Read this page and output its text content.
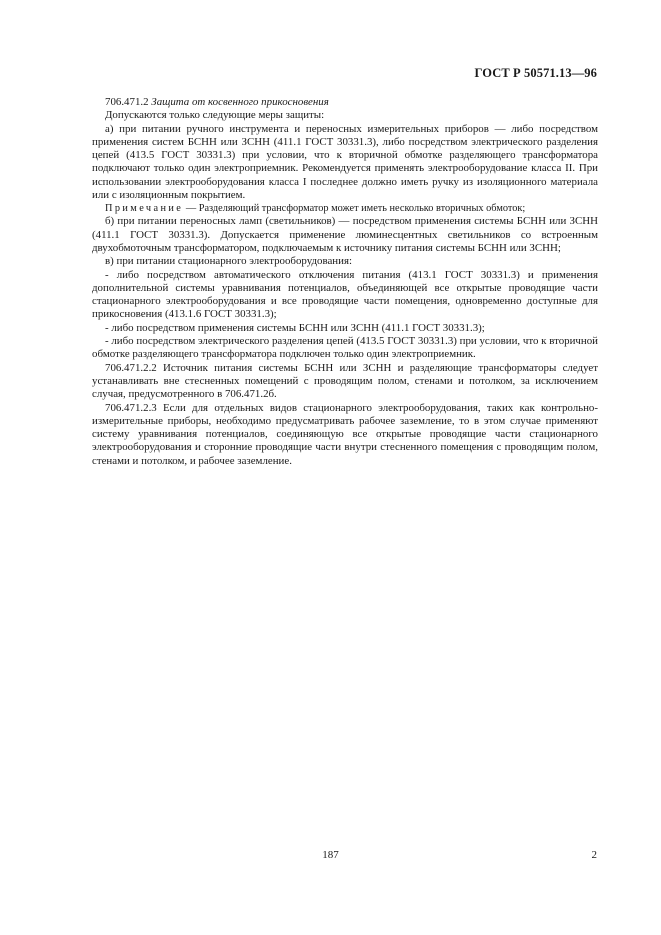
ГОСТ Р 50571.13—96

706.471.2 Защита от косвенного прикосновения

Допускаются только следующие меры защиты:

а) при питании ручного инструмента и переносных измерительных приборов — либо посредством применения систем БСНН или ЗСНН (411.1 ГОСТ 30331.3), либо посредством электрического разделения цепей (413.5 ГОСТ 30331.3) при условии, что к вторичной обмотке разделяющего трансформатора подключают только один электроприемник. Рекомендуется применять электрооборудование класса II. При использовании электрооборудования класса I последнее должно иметь ручку из изоляционного материала или с изоляционным покрытием.

Примечание — Разделяющий трансформатор может иметь несколько вторичных обмоток;

б) при питании переносных ламп (светильников) — посредством применения системы БСНН или ЗСНН (411.1 ГОСТ 30331.3). Допускается применение люминесцентных светильников со встроенным двухобмоточным трансформатором, подключаемым к источнику питания системы БСНН или ЗСНН;

в) при питании стационарного электрооборудования:

- либо посредством автоматического отключения питания (413.1 ГОСТ 30331.3) и применения дополнительной системы уравнивания потенциалов, объединяющей все открытые проводящие части стационарного электрооборудования и все проводящие части помещения, одновременно доступные для прикосновения (413.1.6 ГОСТ 30331.3);

- либо посредством применения системы БСНН или ЗСНН (411.1 ГОСТ 30331.3);

- либо посредством электрического разделения цепей (413.5 ГОСТ 30331.3) при условии, что к вторичной обмотке разделяющего трансформатора подключен только один электроприемник.

706.471.2.2 Источник питания системы БСНН или ЗСНН и разделяющие трансформаторы следует устанавливать вне стесненных помещений с проводящим полом, стенами и потолком, за исключением случая, предусмотренного в 706.471.2б.

706.471.2.3 Если для отдельных видов стационарного электрооборудования, таких как контрольно-измерительные приборы, необходимо предусматривать рабочее заземление, то в этом случае применяют систему уравнивания потенциалов, соединяющую все открытые проводящие части стационарного электрооборудования и сторонние проводящие части внутри стесненного помещения с проводящим полом, стенами и потолком, и рабочее заземление.

187	2
